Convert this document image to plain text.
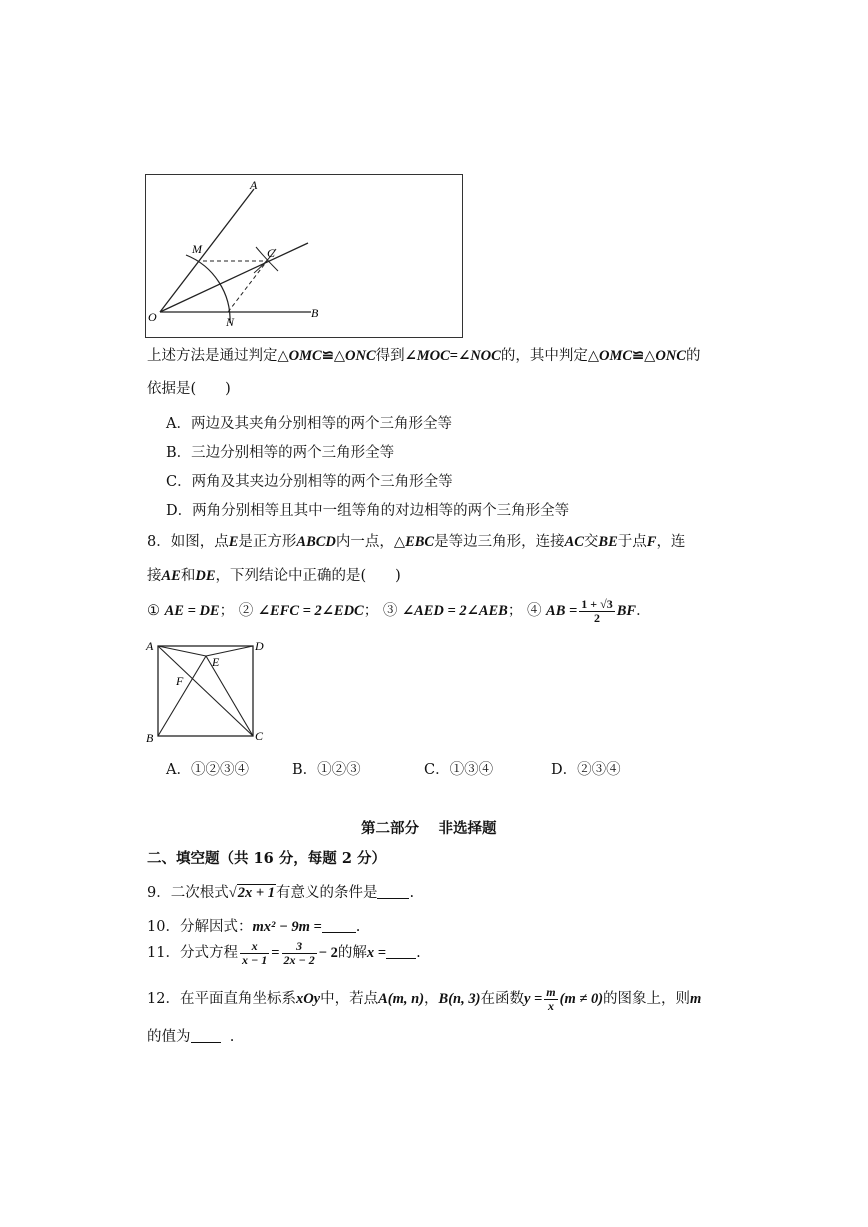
A
M	C
O	N
B
上述方法是通过判定△OMC≌△ONC得到∠MOC=∠NOC的，其中判定△OMC≌△ONC的
依据是(　　)
A．两边及其夹角分别相等的两个三角形全等
B．三边分别相等的两个三角形全等
C．两角及其夹边分别相等的两个三角形全等
D．两角分别相等且其中一组等角的对边相等的两个三角形全等
8．如图，点E是正方形ABCD内一点，△EBC是等边三角形，连接AC交BE于点F，连
接AE和DE，下列结论中正确的是(　　)
① AE = DE； ② ∠EFC = 2∠EDC； ③ ∠AED = 2∠AEB； ④ AB = $\frac{1 + √3}{2}$ BF．
A	D
E
F
B	C
A．①②③④	B．①②③	C．①③④	D．②③④
第二部分　 非选择题
二、填空题（共 16 分，每题 2 分）
9．二次根式√2x + 1有意义的条件是 .
10．分解因式：mx² − 9m = .
11．分式方程 $\frac{x}{x - 1} = \frac{3}{2x - 2} - 2$的解x = .
12．在平面直角坐标系xOy中，若点A(m, n)，B(n, 3)在函数$y = \frac{m}{x} (m \ne 0)$的图象上，则m
的值为	.
